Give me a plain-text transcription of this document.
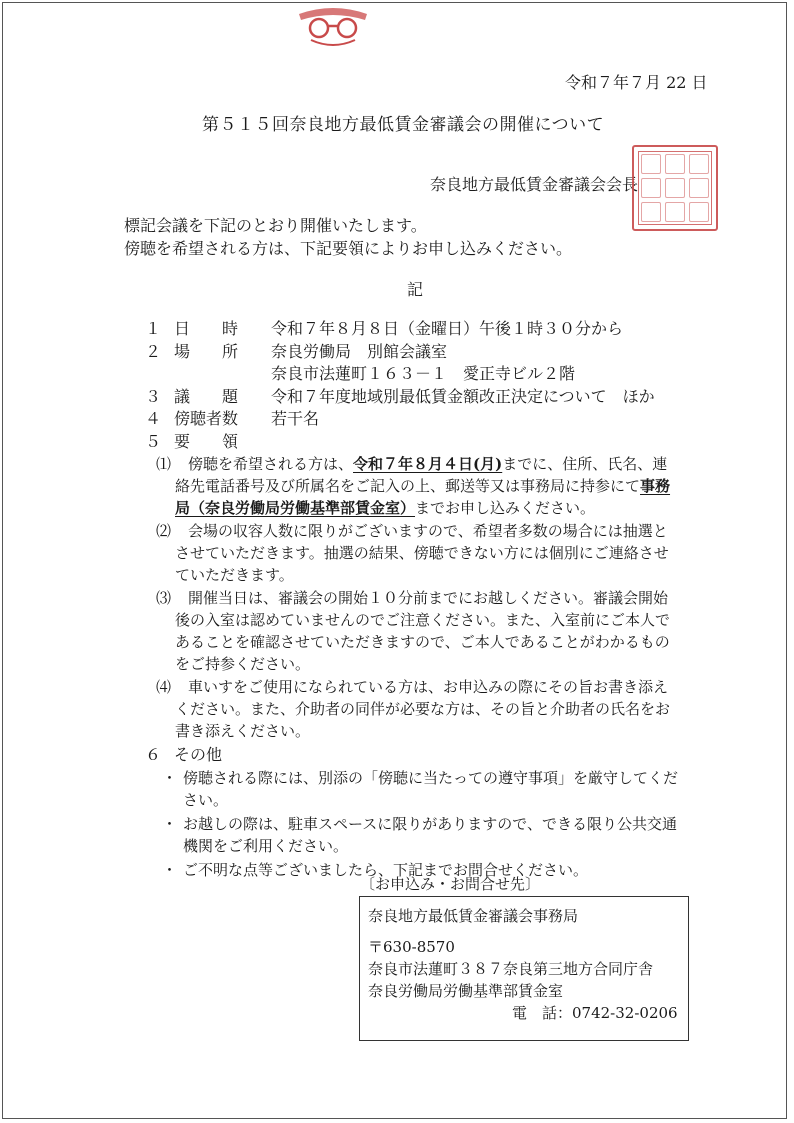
令和７年７月 22 日
第５１５回奈良地方最低賃金審議会の開催について
奈良地方最低賃金審議会会長
標記会議を下記のとおり開催いたします。
傍聴を希望される方は、下記要領によりお申し込みください。
記
１ 日　　時 令和７年８月８日（金曜日）午後１時３０分から
２ 場　　所 奈良労働局　別館会議室
奈良市法蓮町１６３－１　愛正寺ビル２階
３ 議　　題 令和７年度地域別最低賃金額改正決定について　ほか
４ 傍聴者数 若干名
５ 要　　領
⑴ 傍聴を希望される方は、令和７年８月４日(月)までに、住所、氏名、連
絡先電話番号及び所属名をご記入の上、郵送等又は事務局に持参にて事務
局（奈良労働局労働基準部賃金室）までお申し込みください。
⑵ 会場の収容人数に限りがございますので、希望者多数の場合には抽選と
させていただきます。抽選の結果、傍聴できない方には個別にご連絡させ
ていただきます。
⑶ 開催当日は、審議会の開始１０分前までにお越しください。審議会開始
後の入室は認めていませんのでご注意ください。また、入室前にご本人で
あることを確認させていただきますので、ご本人であることがわかるもの
をご持参ください。
⑷ 車いすをご使用になられている方は、お申込みの際にその旨お書き添え
ください。また、介助者の同伴が必要な方は、その旨と介助者の氏名をお
書き添えください。
６ その他
・ 傍聴される際には、別添の「傍聴に当たっての遵守事項」を厳守してくだ
さい。
・ お越しの際は、駐車スペースに限りがありますので、できる限り公共交通
機関をご利用ください。
・ ご不明な点等ございましたら、下記までお問合せください。
〔お申込み・お問合せ先〕
奈良地方最低賃金審議会事務局
〒630-8570
奈良市法蓮町３８７奈良第三地方合同庁舎
奈良労働局労働基準部賃金室
電　話：0742-32-0206
